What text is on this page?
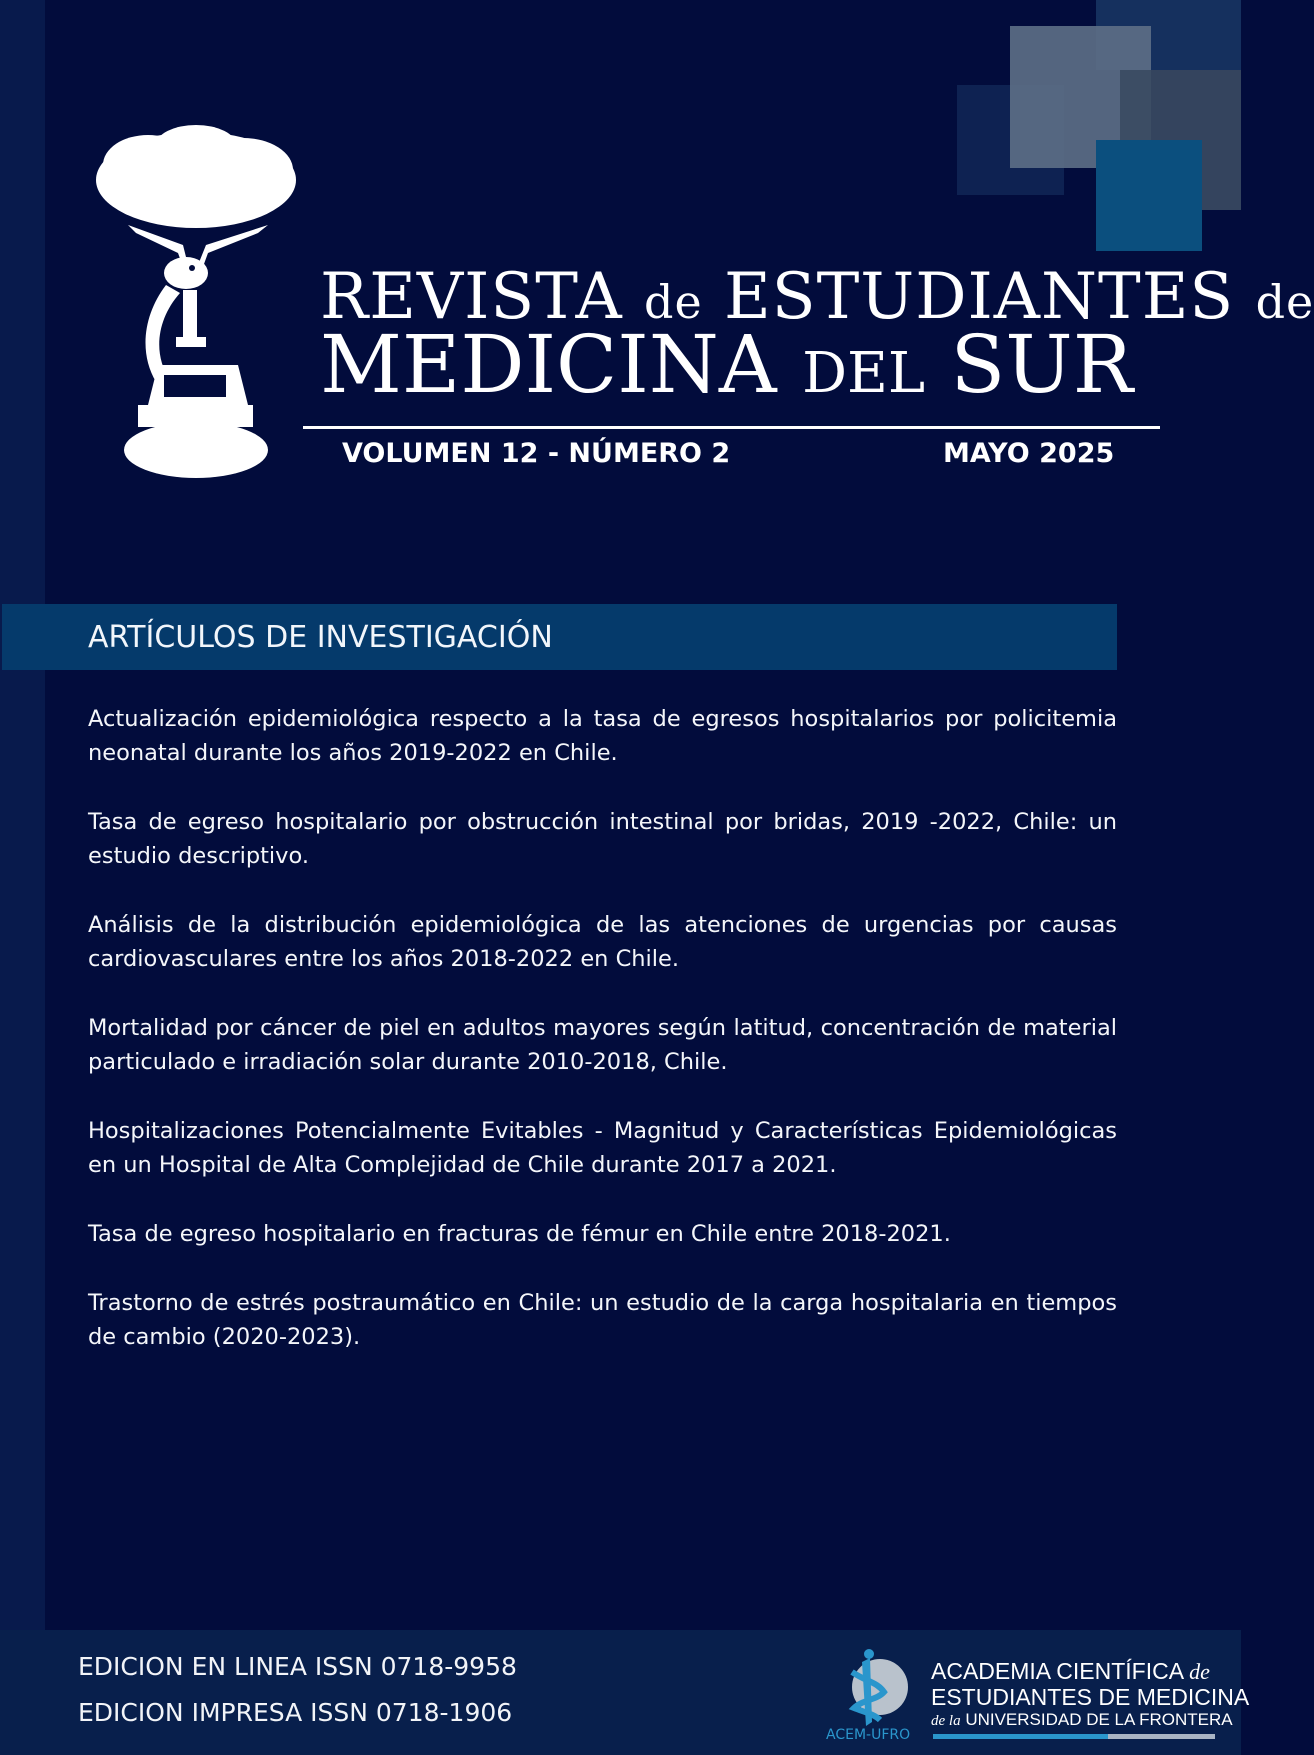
REVISTA de ESTUDIANTES de
MEDICINA DEL SUR
VOLUMEN 12 - NÚMERO 2	MAYO 2025
ARTÍCULOS DE INVESTIGACIÓN

Actualización epidemiológica respecto a la tasa de egresos hospitalarios por policitemia neonatal durante los años 2019-2022 en Chile.

Tasa de egreso hospitalario por obstrucción intestinal por bridas, 2019 -2022, Chile: un estudio descriptivo.

Análisis de la distribución epidemiológica de las atenciones de urgencias por causas cardiovasculares entre los años 2018-2022 en Chile.

Mortalidad por cáncer de piel en adultos mayores según latitud, concentración de material particulado e irradiación solar durante 2010-2018, Chile.

Hospitalizaciones Potencialmente Evitables - Magnitud y Características Epidemiológicas en un Hospital de Alta Complejidad de Chile durante 2017 a 2021.

Tasa de egreso hospitalario en fracturas de fémur en Chile entre 2018-2021.

Trastorno de estrés postraumático en Chile: un estudio de la carga hospitalaria en tiempos de cambio (2020-2023).

EDICION EN LINEA ISSN 0718-9958
EDICION IMPRESA ISSN 0718-1906
ACEM-UFRO
ACADEMIA CIENTÍFICA de
ESTUDIANTES DE MEDICINA
de la UNIVERSIDAD DE LA FRONTERA
